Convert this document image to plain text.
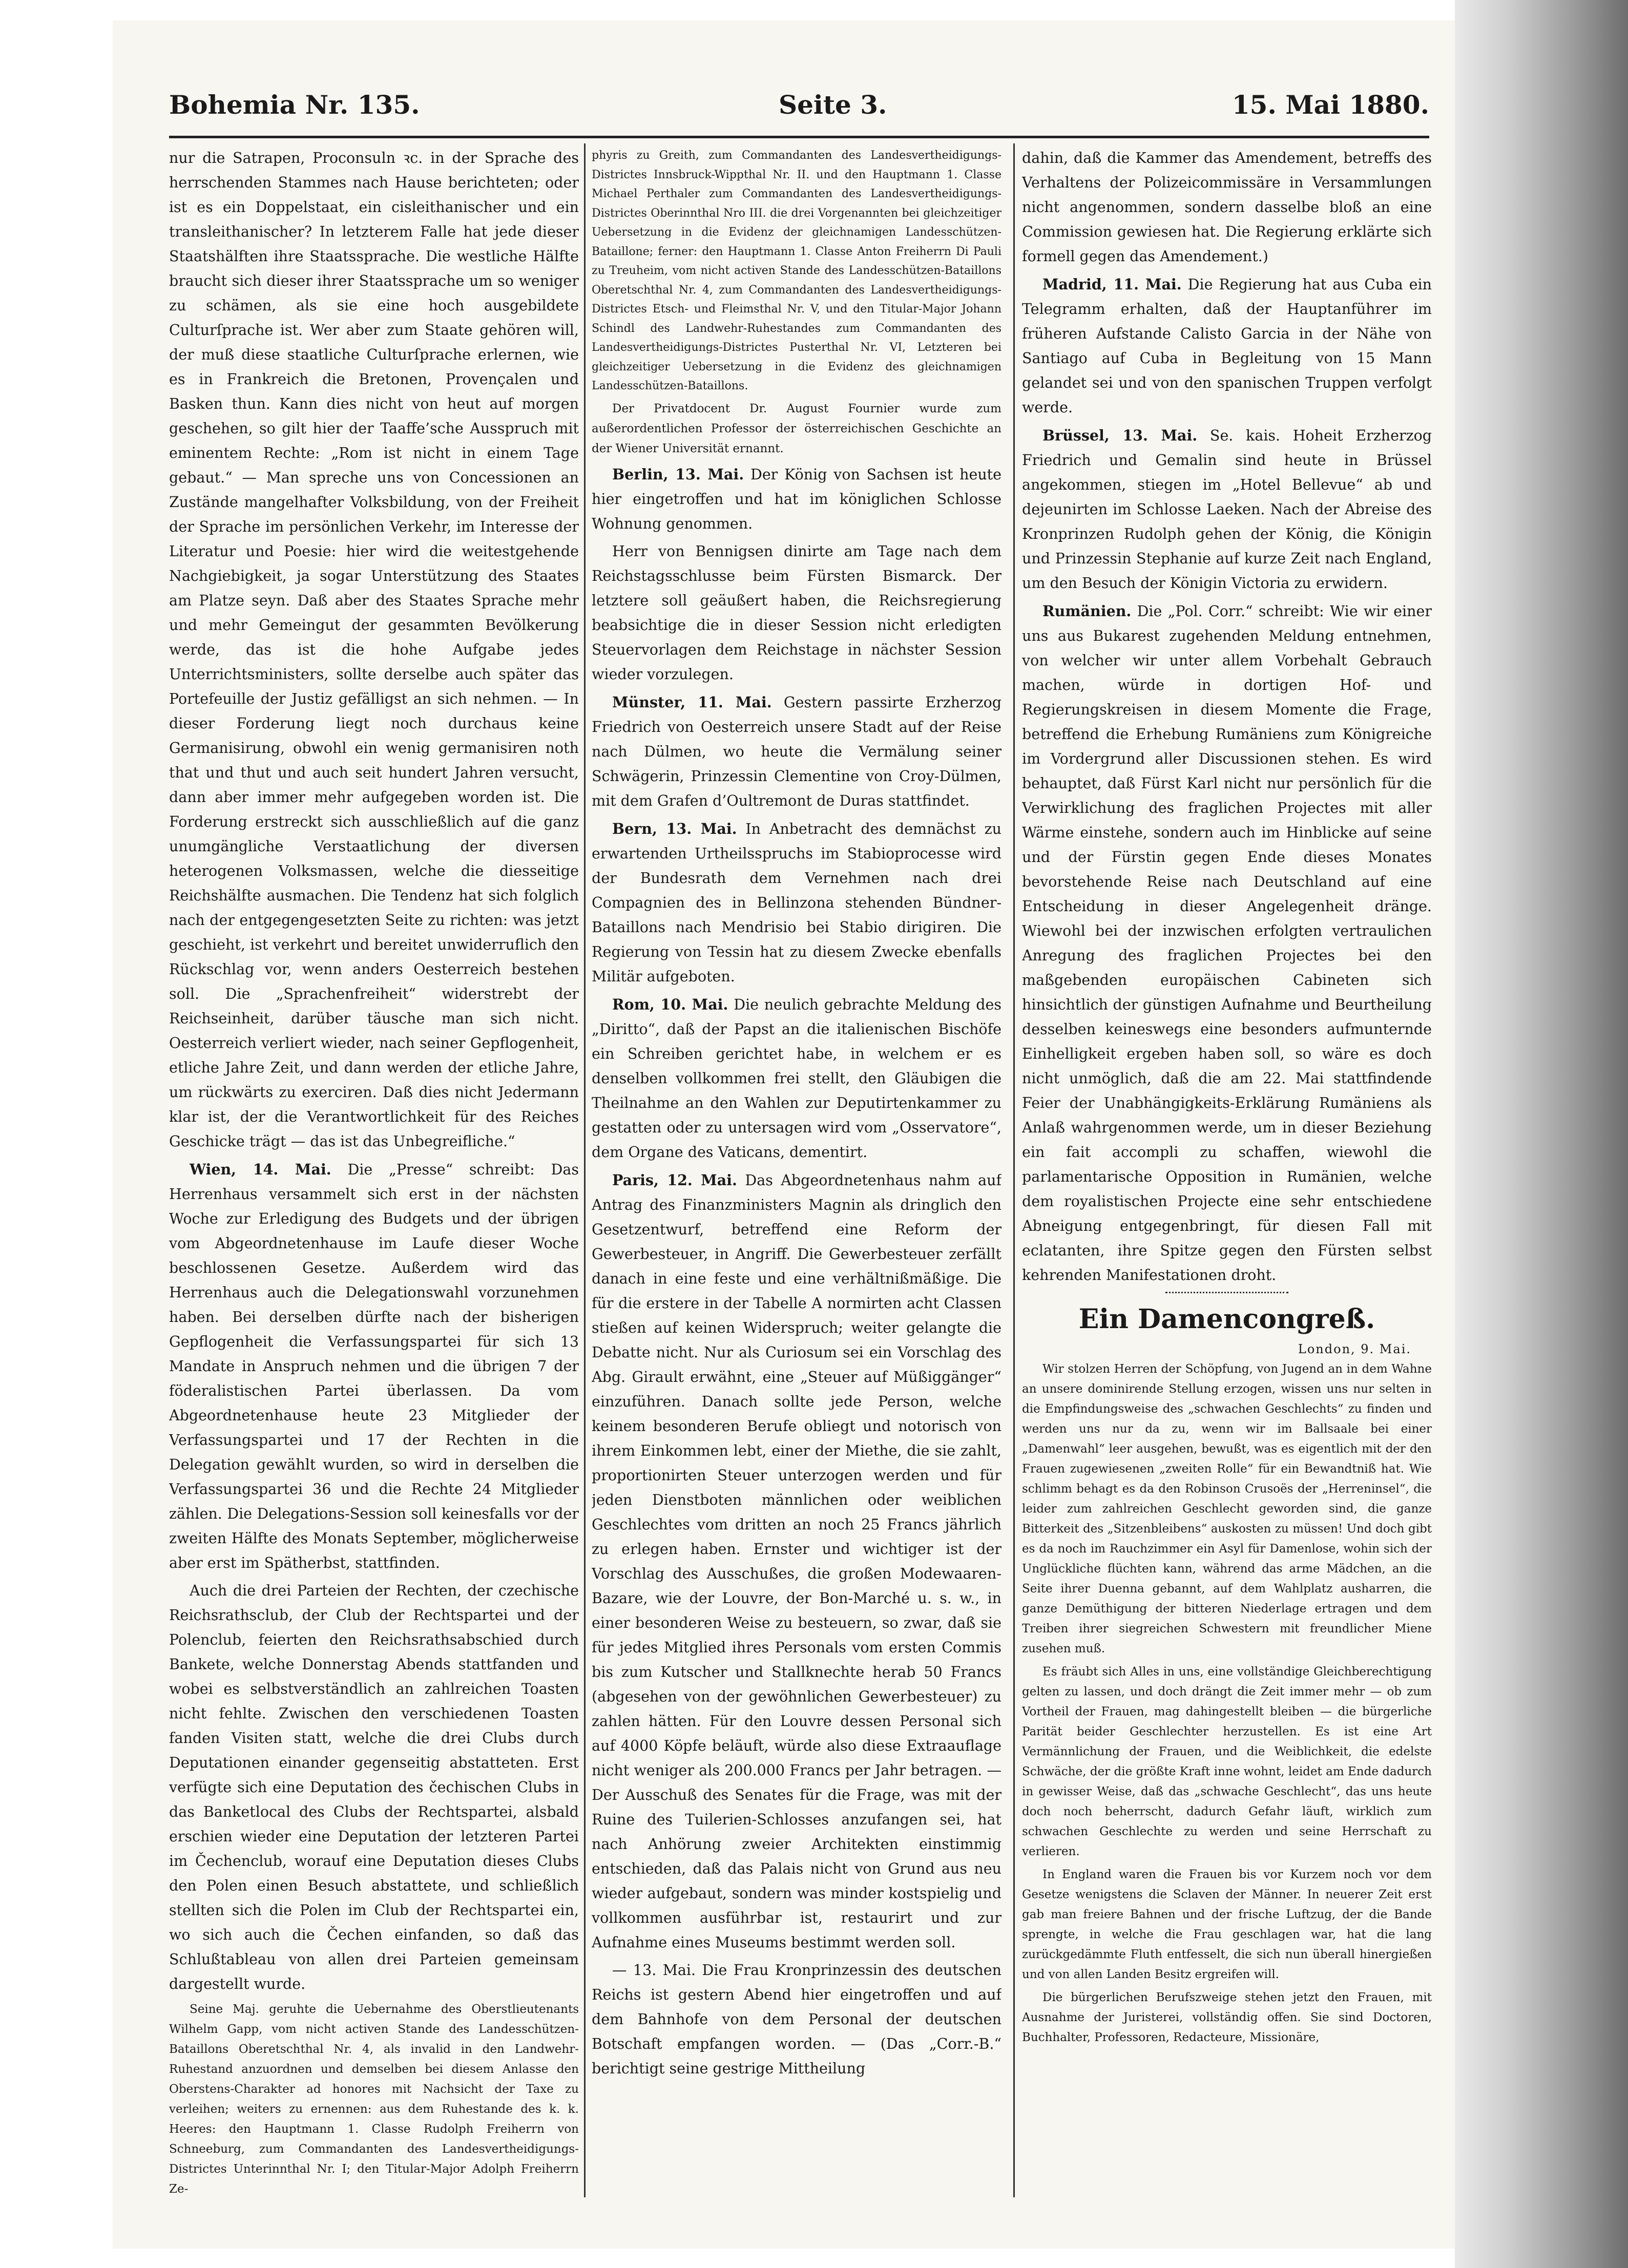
Bohemia Nr. 135.	Seite 3.	15. Mai 1880.

nur die Satrapen, Proconsuln ꝛc. in der Sprache des herrschenden Stammes nach Hause berichteten; oder ist es ein Doppelstaat, ein cisleithanischer und ein transleithanischer? In letzterem Falle hat jede dieser Staatshälften ihre Staatssprache. Die westliche Hälfte braucht sich dieser ihrer Staatssprache um so weniger zu schämen, als sie eine hoch ausgebildete Culturſprache ist. Wer aber zum Staate gehören will, der muß diese staatliche Culturſprache erlernen, wie es in Frankreich die Bretonen, Provençalen und Basken thun. Kann dies nicht von heut auf morgen geschehen, so gilt hier der Taaffe’sche Ausspruch mit eminentem Rechte: „Rom ist nicht in einem Tage gebaut.“ — Man spreche uns von Concessionen an Zustände mangelhafter Volksbildung, von der Freiheit der Sprache im persönlichen Verkehr, im Interesse der Literatur und Poesie: hier wird die weitestgehende Nachgiebigkeit, ja sogar Unterstützung des Staates am Platze seyn. Daß aber des Staates Sprache mehr und mehr Gemeingut der gesammten Bevölkerung werde, das ist die hohe Aufgabe jedes Unterrichtsministers, sollte derselbe auch später das Portefeuille der Justiz gefälligst an sich nehmen. — In dieser Forderung liegt noch durchaus keine Germanisirung, obwohl ein wenig germanisiren noth that und thut und auch seit hundert Jahren versucht, dann aber immer mehr aufgegeben worden ist. Die Forderung erstreckt sich ausschließlich auf die ganz unumgängliche Verstaatlichung der diversen heterogenen Volksmassen, welche die diesseitige Reichshälfte ausmachen. Die Tendenz hat sich folglich nach der entgegengesetzten Seite zu richten: was jetzt geschieht, ist verkehrt und bereitet unwiderruflich den Rückschlag vor, wenn anders Oesterreich bestehen soll. Die „Sprachenfreiheit“ widerstrebt der Reichseinheit, darüber täusche man sich nicht. Oesterreich verliert wieder, nach seiner Gepflogenheit, etliche Jahre Zeit, und dann werden der etliche Jahre, um rückwärts zu exerciren. Daß dies nicht Jedermann klar ist, der die Verantwortlichkeit für des Reiches Geschicke trägt — das ist das Unbegreifliche.“

Wien, 14. Mai. Die „Presse“ schreibt: Das Herrenhaus versammelt sich erst in der nächsten Woche zur Erledigung des Budgets und der übrigen vom Abgeordnetenhause im Laufe dieser Woche beschlossenen Gesetze. Außerdem wird das Herrenhaus auch die Delegationswahl vorzunehmen haben. Bei derselben dürfte nach der bisherigen Gepflogenheit die Verfassungspartei für sich 13 Mandate in Anspruch nehmen und die übrigen 7 der föderalistischen Partei überlassen. Da vom Abgeordnetenhause heute 23 Mitglieder der Verfassungspartei und 17 der Rechten in die Delegation gewählt wurden, so wird in derselben die Verfassungspartei 36 und die Rechte 24 Mitglieder zählen. Die Delegations-Session soll keinesfalls vor der zweiten Hälfte des Monats September, möglicherweise aber erst im Spätherbst, stattfinden.

Auch die drei Parteien der Rechten, der czechische Reichsrathsclub, der Club der Rechtspartei und der Polenclub, feierten den Reichsrathsabschied durch Bankete, welche Donnerstag Abends stattfanden und wobei es selbstverständlich an zahlreichen Toasten nicht fehlte. Zwischen den verschiedenen Toasten fanden Visiten statt, welche die drei Clubs durch Deputationen einander gegenseitig abstatteten. Erst verfügte sich eine Deputation des čechischen Clubs in das Banketlocal des Clubs der Rechtspartei, alsbald erschien wieder eine Deputation der letzteren Partei im Čechenclub, worauf eine Deputation dieses Clubs den Polen einen Besuch abstattete, und schließlich stellten sich die Polen im Club der Rechtspartei ein, wo sich auch die Čechen einfanden, so daß das Schlußtableau von allen drei Parteien gemeinsam dargestellt wurde.

Seine Maj. geruhte die Uebernahme des Oberstlieutenants Wilhelm Gapp, vom nicht activen Stande des Landesschützen-Bataillons Oberetschthal Nr. 4, als invalid in den Landwehr-Ruhestand anzuordnen und demselben bei diesem Anlasse den Oberstens-Charakter ad honores mit Nachsicht der Taxe zu verleihen; weiters zu ernennen: aus dem Ruhestande des k. k. Heeres: den Hauptmann 1. Classe Rudolph Freiherrn von Schneeburg, zum Commandanten des Landesvertheidigungs-Districtes Unterinnthal Nr. I; den Titular-Major Adolph Freiherrn Ze-

phyris zu Greith, zum Commandanten des Landesvertheidigungs-Districtes Innsbruck-Wippthal Nr. II. und den Hauptmann 1. Classe Michael Perthaler zum Commandanten des Landesvertheidigungs-Districtes Oberinnthal Nro III. die drei Vorgenannten bei gleichzeitiger Uebersetzung in die Evidenz der gleichnamigen Landesschützen-Bataillone; ferner: den Hauptmann 1. Classe Anton Freiherrn Di Pauli zu Treuheim, vom nicht activen Stande des Landesschützen-Bataillons Oberetschthal Nr. 4, zum Commandanten des Landesvertheidigungs-Districtes Etsch- und Fleimsthal Nr. V, und den Titular-Major Johann Schindl des Landwehr-Ruhestandes zum Commandanten des Landesvertheidigungs-Districtes Pusterthal Nr. VI, Letzteren bei gleichzeitiger Uebersetzung in die Evidenz des gleichnamigen Landesschützen-Bataillons.

Der Privatdocent Dr. August Fournier wurde zum außerordentlichen Professor der österreichischen Geschichte an der Wiener Universität ernannt.

Berlin, 13. Mai. Der König von Sachsen ist heute hier eingetroffen und hat im königlichen Schlosse Wohnung genommen.

Herr von Bennigsen dinirte am Tage nach dem Reichstagsschlusse beim Fürsten Bismarck. Der letztere soll geäußert haben, die Reichsregierung beabsichtige die in dieser Session nicht erledigten Steuervorlagen dem Reichstage in nächster Session wieder vorzulegen.

Münster, 11. Mai. Gestern passirte Erzherzog Friedrich von Oesterreich unsere Stadt auf der Reise nach Dülmen, wo heute die Vermälung seiner Schwägerin, Prinzessin Clementine von Croy-Dülmen, mit dem Grafen d’Oultremont de Duras stattfindet.

Bern, 13. Mai. In Anbetracht des demnächst zu erwartenden Urtheilsspruchs im Stabioprocesse wird der Bundesrath dem Vernehmen nach drei Compagnien des in Bellinzona stehenden Bündner-Bataillons nach Mendrisio bei Stabio dirigiren. Die Regierung von Tessin hat zu diesem Zwecke ebenfalls Militär aufgeboten.

Rom, 10. Mai. Die neulich gebrachte Meldung des „Diritto“, daß der Papst an die italienischen Bischöfe ein Schreiben gerichtet habe, in welchem er es denselben vollkommen frei stellt, den Gläubigen die Theilnahme an den Wahlen zur Deputirtenkammer zu gestatten oder zu untersagen wird vom „Osservatore“, dem Organe des Vaticans, dementirt.

Paris, 12. Mai. Das Abgeordnetenhaus nahm auf Antrag des Finanzministers Magnin als dringlich den Gesetzentwurf, betreffend eine Reform der Gewerbesteuer, in Angriff. Die Gewerbesteuer zerfällt danach in eine feste und eine verhältnißmäßige. Die für die erstere in der Tabelle A normirten acht Classen stießen auf keinen Widerspruch; weiter gelangte die Debatte nicht. Nur als Curiosum sei ein Vorschlag des Abg. Girault erwähnt, eine „Steuer auf Müßiggänger“ einzuführen. Danach sollte jede Person, welche keinem besonderen Berufe obliegt und notorisch von ihrem Einkommen lebt, einer der Miethe, die sie zahlt, proportionirten Steuer unterzogen werden und für jeden Dienstboten männlichen oder weiblichen Geschlechtes vom dritten an noch 25 Francs jährlich zu erlegen haben. Ernster und wichtiger ist der Vorschlag des Ausschußes, die großen Modewaaren-Bazare, wie der Louvre, der Bon-Marché u. s. w., in einer besonderen Weise zu besteuern, so zwar, daß sie für jedes Mitglied ihres Personals vom ersten Commis bis zum Kutscher und Stallknechte herab 50 Francs (abgesehen von der gewöhnlichen Gewerbesteuer) zu zahlen hätten. Für den Louvre dessen Personal sich auf 4000 Köpfe beläuft, würde also diese Extraauflage nicht weniger als 200.000 Francs per Jahr betragen. — Der Ausschuß des Senates für die Frage, was mit der Ruine des Tuilerien-Schlosses anzufangen sei, hat nach Anhörung zweier Architekten einstimmig entschieden, daß das Palais nicht von Grund aus neu wieder aufgebaut, sondern was minder kostspielig und vollkommen ausführbar ist, restaurirt und zur Aufnahme eines Museums bestimmt werden soll.

— 13. Mai. Die Frau Kronprinzessin des deutschen Reichs ist gestern Abend hier eingetroffen und auf dem Bahnhofe von dem Personal der deutschen Botschaft empfangen worden. — (Das „Corr.-B.“ berichtigt seine gestrige Mittheilung

dahin, daß die Kammer das Amendement, betreffs des Verhaltens der Polizeicommissäre in Versammlungen nicht angenommen, sondern dasselbe bloß an eine Commission gewiesen hat. Die Regierung erklärte sich formell gegen das Amendement.)

Madrid, 11. Mai. Die Regierung hat aus Cuba ein Telegramm erhalten, daß der Hauptanführer im früheren Aufstande Calisto Garcia in der Nähe von Santiago auf Cuba in Begleitung von 15 Mann gelandet sei und von den spanischen Truppen verfolgt werde.

Brüssel, 13. Mai. Se. kais. Hoheit Erzherzog Friedrich und Gemalin sind heute in Brüssel angekommen, stiegen im „Hotel Bellevue“ ab und dejeunirten im Schlosse Laeken. Nach der Abreise des Kronprinzen Rudolph gehen der König, die Königin und Prinzessin Stephanie auf kurze Zeit nach England, um den Besuch der Königin Victoria zu erwidern.

Rumänien. Die „Pol. Corr.“ schreibt: Wie wir einer uns aus Bukarest zugehenden Meldung entnehmen, von welcher wir unter allem Vorbehalt Gebrauch machen, würde in dortigen Hof- und Regierungskreisen in diesem Momente die Frage, betreffend die Erhebung Rumäniens zum Königreiche im Vordergrund aller Discussionen stehen. Es wird behauptet, daß Fürst Karl nicht nur persönlich für die Verwirklichung des fraglichen Projectes mit aller Wärme einstehe, sondern auch im Hinblicke auf seine und der Fürstin gegen Ende dieses Monates bevorstehende Reise nach Deutschland auf eine Entscheidung in dieser Angelegenheit dränge. Wiewohl bei der inzwischen erfolgten vertraulichen Anregung des fraglichen Projectes bei den maßgebenden europäischen Cabineten sich hinsichtlich der günstigen Aufnahme und Beurtheilung desselben keineswegs eine besonders aufmunternde Einhelligkeit ergeben haben soll, so wäre es doch nicht unmöglich, daß die am 22. Mai stattfindende Feier der Unabhängigkeits-Erklärung Rumäniens als Anlaß wahrgenommen werde, um in dieser Beziehung ein fait accompli zu schaffen, wiewohl die parlamentarische Opposition in Rumänien, welche dem royalistischen Projecte eine sehr entschiedene Abneigung entgegenbringt, für diesen Fall mit eclatanten, ihre Spitze gegen den Fürsten selbst kehrenden Manifestationen droht.

Ein Damencongreß.
London, 9. Mai.

Wir stolzen Herren der Schöpfung, von Jugend an in dem Wahne an unsere dominirende Stellung erzogen, wissen uns nur selten in die Empfindungsweise des „schwachen Geschlechts“ zu finden und werden uns nur da zu, wenn wir im Ballsaale bei einer „Damenwahl“ leer ausgehen, bewußt, was es eigentlich mit der den Frauen zugewiesenen „zweiten Rolle“ für ein Bewandtniß hat. Wie schlimm behagt es da den Robinson Crusoës der „Herreninsel“, die leider zum zahlreichen Geschlecht geworden sind, die ganze Bitterkeit des „Sitzenbleibens“ auskosten zu müssen! Und doch gibt es da noch im Rauchzimmer ein Asyl für Damenlose, wohin sich der Unglückliche flüchten kann, während das arme Mädchen, an die Seite ihrer Duenna gebannt, auf dem Wahlplatz ausharren, die ganze Demüthigung der bitteren Niederlage ertragen und dem Treiben ihrer siegreichen Schwestern mit freundlicher Miene zusehen muß.

Es fräubt sich Alles in uns, eine vollständige Gleichberechtigung gelten zu lassen, und doch drängt die Zeit immer mehr — ob zum Vortheil der Frauen, mag dahingestellt bleiben — die bürgerliche Parität beider Geschlechter herzustellen. Es ist eine Art Vermännlichung der Frauen, und die Weiblichkeit, die edelste Schwäche, der die größte Kraft inne wohnt, leidet am Ende dadurch in gewisser Weise, daß das „schwache Geschlecht“, das uns heute doch noch beherrscht, dadurch Gefahr läuft, wirklich zum schwachen Geschlechte zu werden und seine Herrschaft zu verlieren.

In England waren die Frauen bis vor Kurzem noch vor dem Gesetze wenigstens die Sclaven der Männer. In neuerer Zeit erst gab man freiere Bahnen und der frische Luftzug, der die Bande sprengte, in welche die Frau geschlagen war, hat die lang zurückgedämmte Fluth entfesselt, die sich nun überall hinergießen und von allen Landen Besitz ergreifen will.

Die bürgerlichen Berufszweige stehen jetzt den Frauen, mit Ausnahme der Juristerei, vollständig offen. Sie sind Doctoren, Buchhalter, Professoren, Redacteure, Missionäre,
